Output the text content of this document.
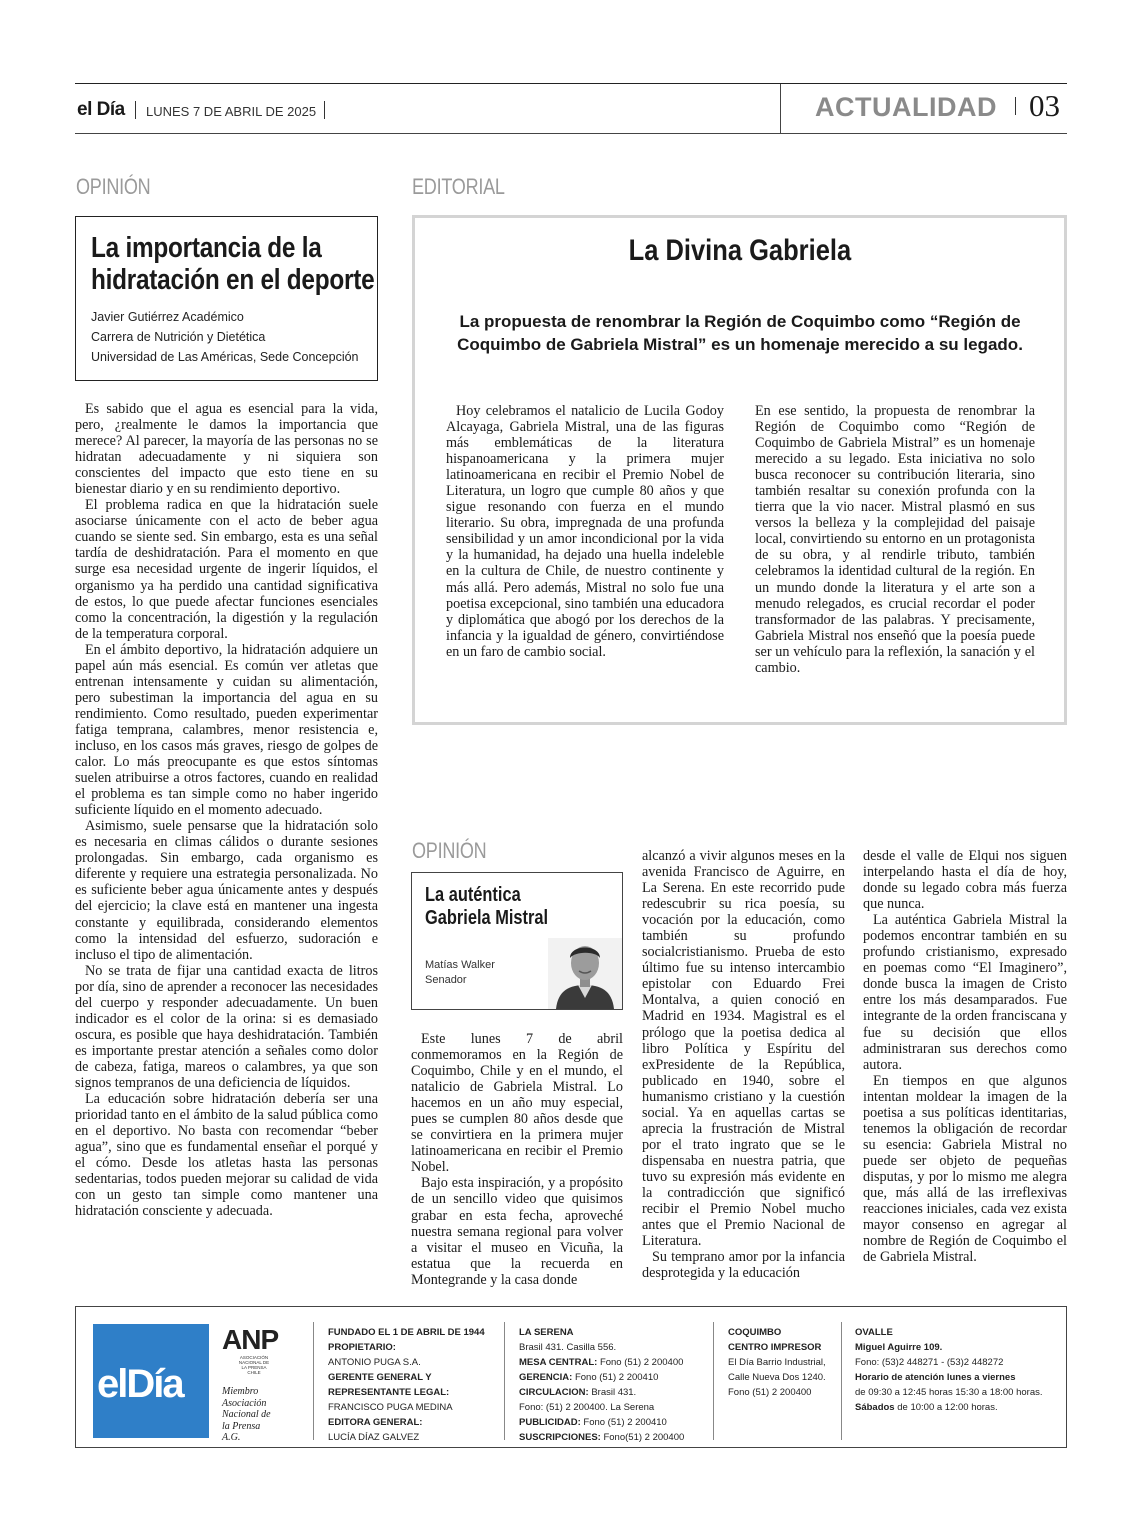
el Día LUNES 7 DE ABRIL DE 2025	ACTUALIDAD 03
OPINIÓN
La importancia de la hidratación en el deporte
Javier Gutiérrez Académico
Carrera de Nutrición y Dietética
Universidad de Las Américas, Sede Concepción

Es sabido que el agua es esencial para la vida, pero, ¿realmente le damos la importancia que merece? Al parecer, la mayoría de las personas no se hidratan adecuadamente y ni siquiera son conscientes del impacto que esto tiene en su bienestar diario y en su rendimiento deportivo.

El problema radica en que la hidratación suele asociarse únicamente con el acto de beber agua cuando se siente sed. Sin embargo, esta es una señal tardía de deshidratación. Para el momento en que surge esa necesidad urgente de ingerir líquidos, el organismo ya ha perdido una cantidad significativa de estos, lo que puede afectar funciones esenciales como la concentración, la digestión y la regulación de la temperatura corporal.

En el ámbito deportivo, la hidratación adquiere un papel aún más esencial. Es común ver atletas que entrenan intensamente y cuidan su alimentación, pero subestiman la importancia del agua en su rendimiento. Como resultado, pueden experimentar fatiga temprana, calambres, menor resistencia e, incluso, en los casos más graves, riesgo de golpes de calor. Lo más preocupante es que estos síntomas suelen atribuirse a otros factores, cuando en realidad el problema es tan simple como no haber ingerido suficiente líquido en el momento adecuado.

Asimismo, suele pensarse que la hidratación solo es necesaria en climas cálidos o durante sesiones prolongadas. Sin embargo, cada organismo es diferente y requiere una estrategia personalizada. No es suficiente beber agua únicamente antes y después del ejercicio; la clave está en mantener una ingesta constante y equilibrada, considerando elementos como la intensidad del esfuerzo, sudoración e incluso el tipo de alimentación.

No se trata de fijar una cantidad exacta de litros por día, sino de aprender a reconocer las necesidades del cuerpo y responder adecuadamente. Un buen indicador es el color de la orina: si es demasiado oscura, es posible que haya deshidratación. También es importante prestar atención a señales como dolor de cabeza, fatiga, mareos o calambres, ya que son signos tempranos de una deficiencia de líquidos.

La educación sobre hidratación debería ser una prioridad tanto en el ámbito de la salud pública como en el deportivo. No basta con recomendar “beber agua”, sino que es fundamental enseñar el porqué y el cómo. Desde los atletas hasta las personas sedentarias, todos pueden mejorar su calidad de vida con un gesto tan simple como mantener una hidratación consciente y adecuada.

EDITORIAL
La Divina Gabriela
La propuesta de renombrar la Región de Coquimbo como “Región de Coquimbo de Gabriela Mistral” es un homenaje merecido a su legado.

Hoy celebramos el natalicio de Lucila Godoy Alcayaga, Gabriela Mistral, una de las figuras más emblemáticas de la literatura hispanoamericana y la primera mujer latinoamericana en recibir el Premio Nobel de Literatura, un logro que cumple 80 años y que sigue resonando con fuerza en el mundo literario. Su obra, impregnada de una profunda sensibilidad y un amor incondicional por la vida y la humanidad, ha dejado una huella indeleble en la cultura de Chile, de nuestro continente y más allá. Pero además, Mistral no solo fue una poetisa excepcional, sino también una educadora y diplomática que abogó por los derechos de la infancia y la igualdad de género, convirtiéndose en un faro de cambio social.

En ese sentido, la propuesta de renombrar la Región de Coquimbo como “Región de Coquimbo de Gabriela Mistral” es un homenaje merecido a su legado. Esta iniciativa no solo busca reconocer su contribución literaria, sino también resaltar su conexión profunda con la tierra que la vio nacer. Mistral plasmó en sus versos la belleza y la complejidad del paisaje local, convirtiendo su entorno en un protagonista de su obra, y al rendirle tributo, también celebramos la identidad cultural de la región. En un mundo donde la literatura y el arte son a menudo relegados, es crucial recordar el poder transformador de las palabras. Y precisamente, Gabriela Mistral nos enseñó que la poesía puede ser un vehículo para la reflexión, la sanación y el cambio.

OPINIÓN
La auténtica Gabriela Mistral
Matías Walker
Senador

Este lunes 7 de abril conmemoramos en la Región de Coquimbo, Chile y en el mundo, el natalicio de Gabriela Mistral. Lo hacemos en un año muy especial, pues se cumplen 80 años desde que se convirtiera en la primera mujer latinoamericana en recibir el Premio Nobel.

Bajo esta inspiración, y a propósito de un sencillo video que quisimos grabar en esta fecha, aproveché nuestra semana regional para volver a visitar el museo en Vicuña, la estatua que la recuerda en Montegrande y la casa donde

alcanzó a vivir algunos meses en la avenida Francisco de Aguirre, en La Serena. En este recorrido pude redescubrir su rica poesía, su vocación por la educación, como también su profundo socialcristianismo. Prueba de esto último fue su intenso intercambio epistolar con Eduardo Frei Montalva, a quien conoció en Madrid en 1934. Magistral es el prólogo que la poetisa dedica al libro Política y Espíritu del exPresidente de la República, publicado en 1940, sobre el humanismo cristiano y la cuestión social. Ya en aquellas cartas se aprecia la frustración de Mistral por el trato ingrato que se le dispensaba en nuestra patria, que tuvo su expresión más evidente en la contradicción que significó recibir el Premio Nobel mucho antes que el Premio Nacional de Literatura.

Su temprano amor por la infancia desprotegida y la educación

desde el valle de Elqui nos siguen interpelando hasta el día de hoy, donde su legado cobra más fuerza que nunca.

La auténtica Gabriela Mistral la podemos encontrar también en su profundo cristianismo, expresado en poemas como “El Imaginero”, donde busca la imagen de Cristo entre los más desamparados. Fue integrante de la orden franciscana y fue su decisión que ellos administraran sus derechos como autora.

En tiempos en que algunos intentan moldear la imagen de la poetisa a sus políticas identitarias, tenemos la obligación de recordar su esencia: Gabriela Mistral no puede ser objeto de pequeñas disputas, y por lo mismo me alegra que, más allá de las irreflexivas reacciones iniciales, cada vez exista mayor consenso en agregar al nombre de Región de Coquimbo el de Gabriela Mistral.

elDía
ANP
ASOCIACIÓN NACIONAL DE LA PRENSA CHILE
Miembro
Asociación
Nacional de
la Prensa
A.G.
FUNDADO EL 1 DE ABRIL DE 1944
PROPIETARIO:
ANTONIO PUGA S.A.
GERENTE GENERAL Y
REPRESENTANTE LEGAL:
FRANCISCO PUGA MEDINA
EDITORA GENERAL:
LUCÍA DÍAZ GALVEZ
LA SERENA
Brasil 431. Casilla 556.
MESA CENTRAL: Fono (51) 2 200400
GERENCIA: Fono (51) 2 200410
CIRCULACION: Brasil 431.
Fono: (51) 2 200400. La Serena
PUBLICIDAD: Fono (51) 2 200410
SUSCRIPCIONES: Fono(51) 2 200400
COQUIMBO
CENTRO IMPRESOR
El Día Barrio Industrial,
Calle Nueva Dos 1240.
Fono (51) 2 200400
OVALLE
Miguel Aguirre 109.
Fono: (53)2 448271 - (53)2 448272
Horario de atención lunes a viernes
de 09:30 a 12:45 horas 15:30 a 18:00 horas.
Sábados de 10:00 a 12:00 horas.
